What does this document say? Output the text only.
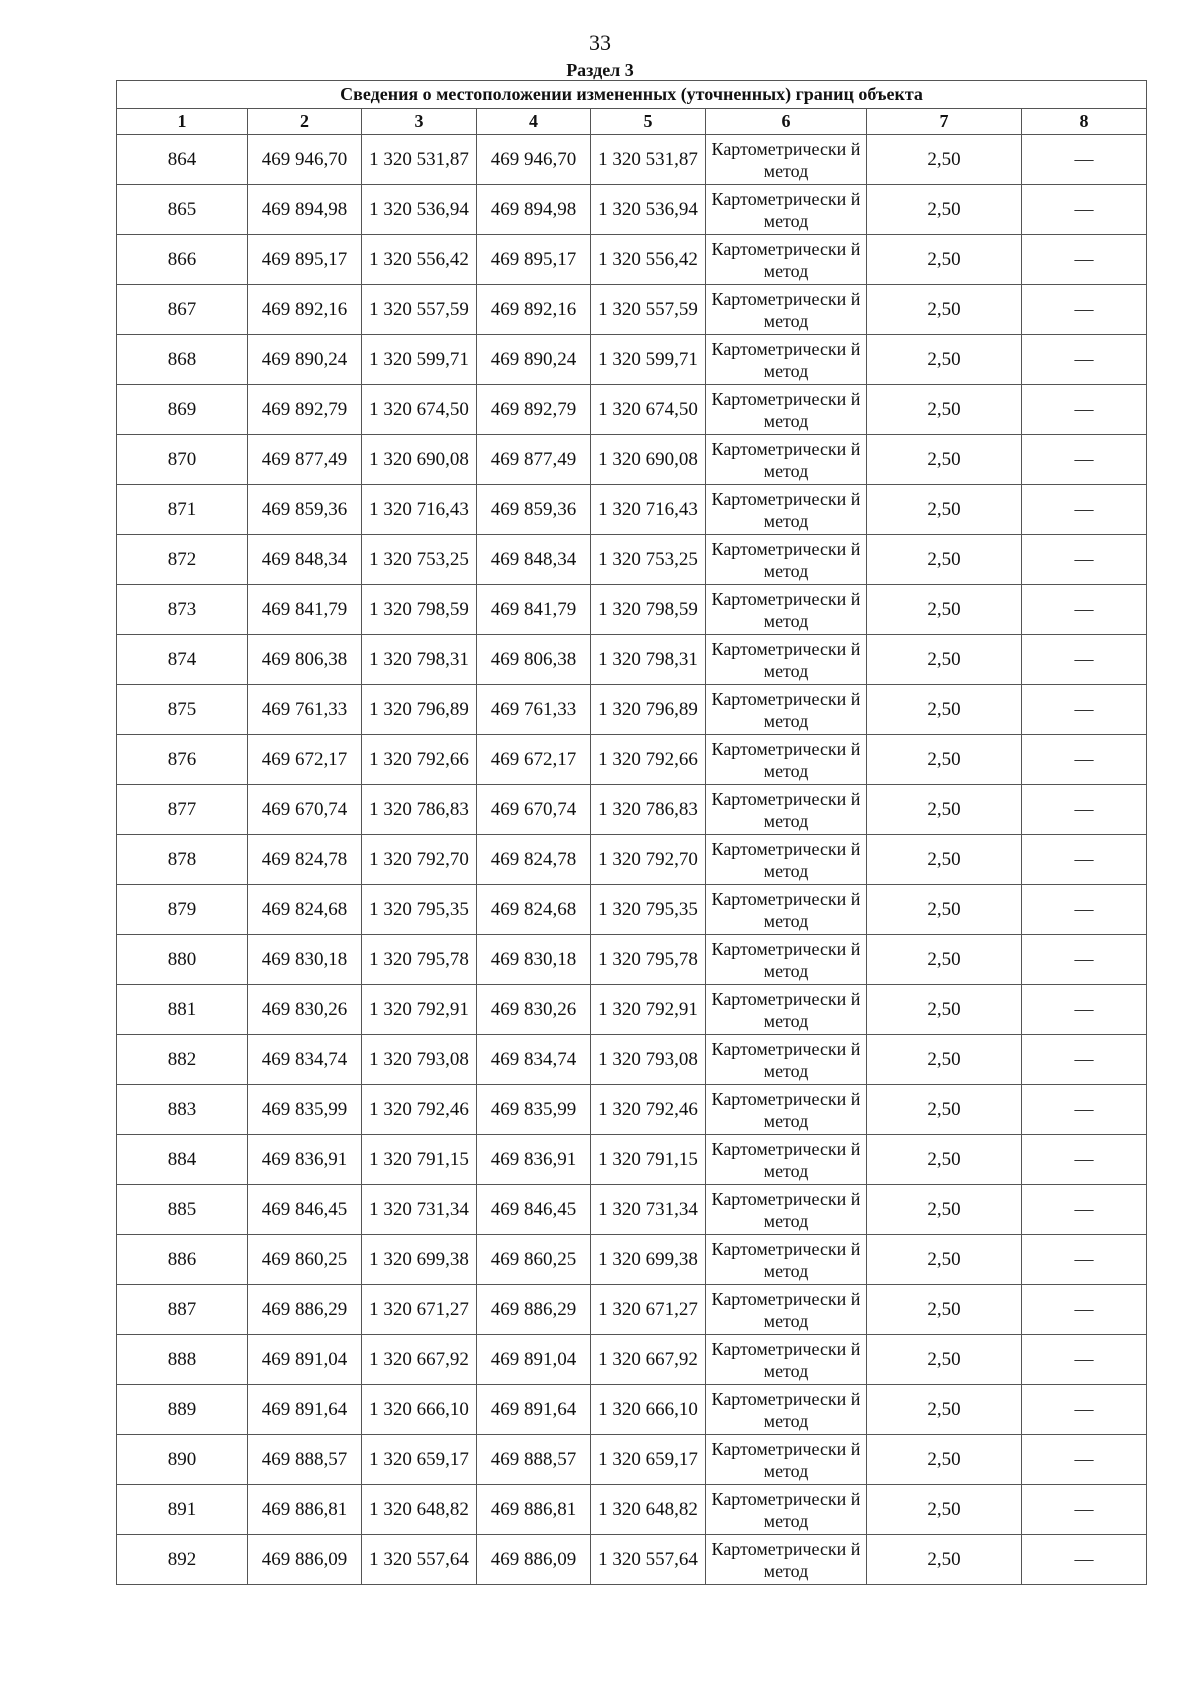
33
Раздел 3
Сведения о местоположении измененных (уточненных) границ объекта							
1	2	3	4	5	6	7	8
864	469 946,70	1 320 531,87	469 946,70	1 320 531,87	Картометрически й метод	2,50	—
865	469 894,98	1 320 536,94	469 894,98	1 320 536,94	Картометрически й метод	2,50	—
866	469 895,17	1 320 556,42	469 895,17	1 320 556,42	Картометрически й метод	2,50	—
867	469 892,16	1 320 557,59	469 892,16	1 320 557,59	Картометрически й метод	2,50	—
868	469 890,24	1 320 599,71	469 890,24	1 320 599,71	Картометрически й метод	2,50	—
869	469 892,79	1 320 674,50	469 892,79	1 320 674,50	Картометрически й метод	2,50	—
870	469 877,49	1 320 690,08	469 877,49	1 320 690,08	Картометрически й метод	2,50	—
871	469 859,36	1 320 716,43	469 859,36	1 320 716,43	Картометрически й метод	2,50	—
872	469 848,34	1 320 753,25	469 848,34	1 320 753,25	Картометрически й метод	2,50	—
873	469 841,79	1 320 798,59	469 841,79	1 320 798,59	Картометрически й метод	2,50	—
874	469 806,38	1 320 798,31	469 806,38	1 320 798,31	Картометрически й метод	2,50	—
875	469 761,33	1 320 796,89	469 761,33	1 320 796,89	Картометрически й метод	2,50	—
876	469 672,17	1 320 792,66	469 672,17	1 320 792,66	Картометрически й метод	2,50	—
877	469 670,74	1 320 786,83	469 670,74	1 320 786,83	Картометрически й метод	2,50	—
878	469 824,78	1 320 792,70	469 824,78	1 320 792,70	Картометрически й метод	2,50	—
879	469 824,68	1 320 795,35	469 824,68	1 320 795,35	Картометрически й метод	2,50	—
880	469 830,18	1 320 795,78	469 830,18	1 320 795,78	Картометрически й метод	2,50	—
881	469 830,26	1 320 792,91	469 830,26	1 320 792,91	Картометрически й метод	2,50	—
882	469 834,74	1 320 793,08	469 834,74	1 320 793,08	Картометрически й метод	2,50	—
883	469 835,99	1 320 792,46	469 835,99	1 320 792,46	Картометрически й метод	2,50	—
884	469 836,91	1 320 791,15	469 836,91	1 320 791,15	Картометрически й метод	2,50	—
885	469 846,45	1 320 731,34	469 846,45	1 320 731,34	Картометрически й метод	2,50	—
886	469 860,25	1 320 699,38	469 860,25	1 320 699,38	Картометрически й метод	2,50	—
887	469 886,29	1 320 671,27	469 886,29	1 320 671,27	Картометрически й метод	2,50	—
888	469 891,04	1 320 667,92	469 891,04	1 320 667,92	Картометрически й метод	2,50	—
889	469 891,64	1 320 666,10	469 891,64	1 320 666,10	Картометрически й метод	2,50	—
890	469 888,57	1 320 659,17	469 888,57	1 320 659,17	Картометрически й метод	2,50	—
891	469 886,81	1 320 648,82	469 886,81	1 320 648,82	Картометрически й метод	2,50	—
892	469 886,09	1 320 557,64	469 886,09	1 320 557,64	Картометрически й метод	2,50	—
